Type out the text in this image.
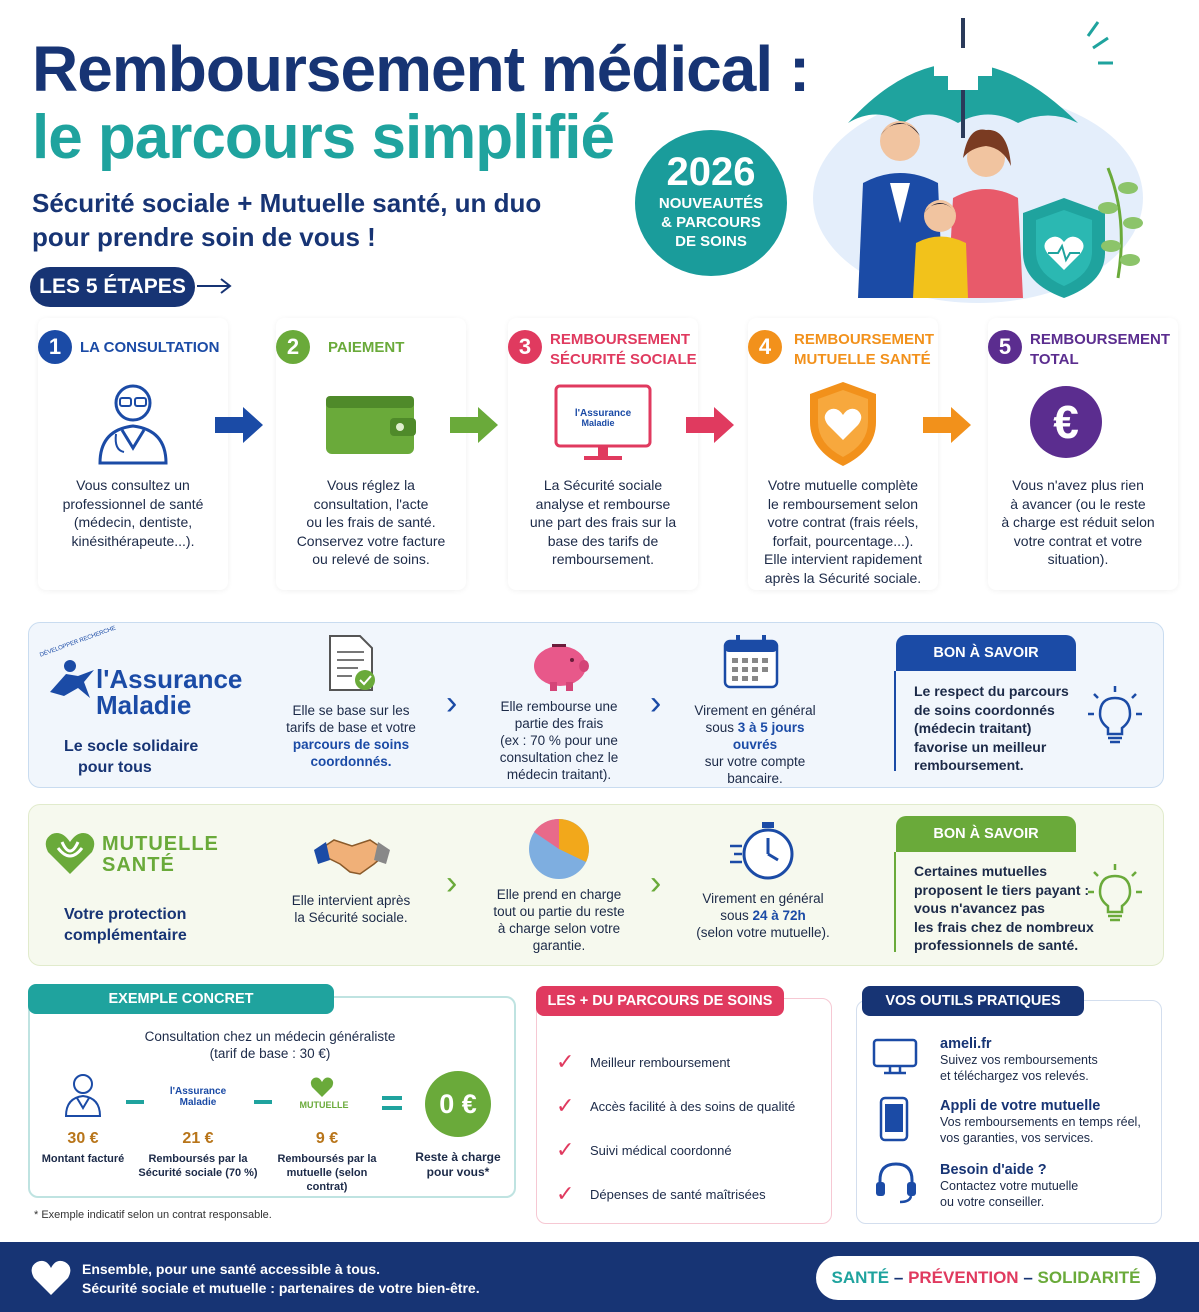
Remboursement médical :
le parcours simplifié
Sécurité sociale + Mutuelle santé, un duo
pour prendre soin de vous !
2026
NOUVEAUTÉS
& PARCOURS
DE SOINS
LES 5 ÉTAPES
1	LA CONSULTATION
Vous consultez un
professionnel de santé
(médecin, dentiste,
kinésithérapeute...).
2	PAIEMENT
Vous réglez la
consultation, l'acte
ou les frais de santé.
Conservez votre facture
ou relevé de soins.
3	REMBOURSEMENT
SÉCURITÉ SOCIALE
l'Assurance
Maladie
La Sécurité sociale
analyse et rembourse
une part des frais sur la
base des tarifs de
remboursement.
4	REMBOURSEMENT
MUTUELLE SANTÉ
Votre mutuelle complète
le remboursement selon
votre contrat (frais réels,
forfait, pourcentage...).
Elle intervient rapidement
après la Sécurité sociale.
5	REMBOURSEMENT
TOTAL
€
Vous n'avez plus rien
à avancer (ou le reste
à charge est réduit selon
votre contrat et votre
situation).
DÉVELOPPER RECHERCHE
l'Assurance
Maladie
Le socle solidaire
pour tous
Elle se base sur les
tarifs de base et votre
parcours de soins
coordonnés.
›	Elle rembourse une
partie des frais
(ex : 70 % pour une
consultation chez le
médecin traitant).
›	Virement en général
sous 3 à 5 jours ouvrés
sur votre compte
bancaire.
BON À SAVOIR
Le respect du parcours
de soins coordonnés
(médecin traitant)
favorise un meilleur
remboursement.
MUTUELLE
SANTÉ
Votre protection
complémentaire
Elle intervient après
la Sécurité sociale.
›	Elle prend en charge
tout ou partie du reste
à charge selon votre
garantie.
›	Virement en général
sous 24 à 72h
(selon votre mutuelle).
BON À SAVOIR
Certaines mutuelles
proposent le tiers payant :
vous n'avancez pas
les frais chez de nombreux
professionnels de santé.
EXEMPLE CONCRET
Consultation chez un médecin généraliste
(tarif de base : 30 €)
l'Assurance Maladie	MUTUELLE	0 €
30 €
Montant facturé
21 €
Remboursés par la
Sécurité sociale (70 %)
9 €
Remboursés par la
mutuelle (selon contrat)
Reste à charge
pour vous*
* Exemple indicatif selon un contrat responsable.
LES + DU PARCOURS DE SOINS
✓	Meilleur remboursement
✓	Accès facilité à des soins de qualité
✓	Suivi médical coordonné
✓	Dépenses de santé maîtrisées
VOS OUTILS PRATIQUES
ameli.fr
Suivez vos remboursements
et téléchargez vos relevés.
Appli de votre mutuelle
Vos remboursements en temps réel,
vos garanties, vos services.
Besoin d'aide ?
Contactez votre mutuelle
ou votre conseiller.
Ensemble, pour une santé accessible à tous.
Sécurité sociale et mutuelle : partenaires de votre bien-être.
SANTÉ – PRÉVENTION – SOLIDARITÉ
